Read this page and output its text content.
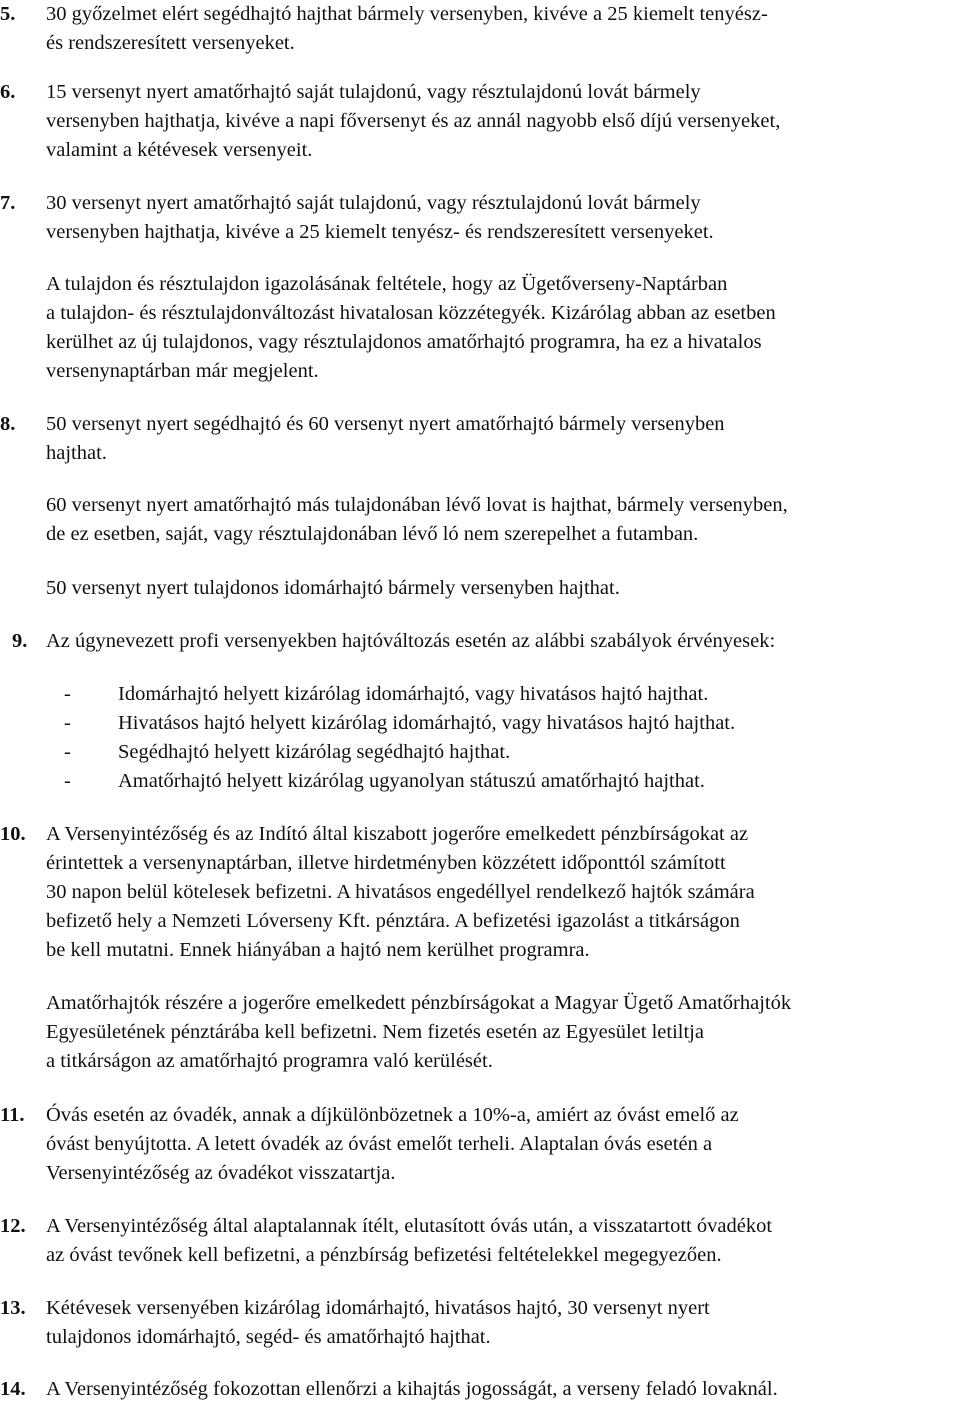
5. 30 győzelmet elért segédhajtó hajthat bármely versenyben, kivéve a 25 kiemelt tenyész-

és rendszeresített versenyeket.

6. 15 versenyt nyert amatőrhajtó saját tulajdonú, vagy résztulajdonú lovát bármely

versenyben hajthatja, kivéve a napi főversenyt és az annál nagyobb első díjú versenyeket,

valamint a kétévesek versenyeit.

7. 30 versenyt nyert amatőrhajtó saját tulajdonú, vagy résztulajdonú lovát bármely

versenyben hajthatja, kivéve a 25 kiemelt tenyész- és rendszeresített versenyeket.

A tulajdon és résztulajdon igazolásának feltétele, hogy az Ügetőverseny-Naptárban

a tulajdon- és résztulajdonváltozást hivatalosan közzétegyék. Kizárólag abban az esetben

kerülhet az új tulajdonos, vagy résztulajdonos amatőrhajtó programra, ha ez a hivatalos

versenynaptárban már megjelent.

8. 50 versenyt nyert segédhajtó és 60 versenyt nyert amatőrhajtó bármely versenyben

hajthat.

60 versenyt nyert amatőrhajtó más tulajdonában lévő lovat is hajthat, bármely versenyben,

de ez esetben, saját, vagy résztulajdonában lévő ló nem szerepelhet a futamban.

50 versenyt nyert tulajdonos idomárhajtó bármely versenyben hajthat.

9. Az úgynevezett profi versenyekben hajtóváltozás esetén az alábbi szabályok érvényesek:

- Idomárhajtó helyett kizárólag idomárhajtó, vagy hivatásos hajtó hajthat.

- Hivatásos hajtó helyett kizárólag idomárhajtó, vagy hivatásos hajtó hajthat.

- Segédhajtó helyett kizárólag segédhajtó hajthat.

- Amatőrhajtó helyett kizárólag ugyanolyan státuszú amatőrhajtó hajthat.

10. A Versenyintézőség és az Indító által kiszabott jogerőre emelkedett pénzbírságokat az

érintettek a versenynaptárban, illetve hirdetményben közzétett időponttól számított

30 napon belül kötelesek befizetni. A hivatásos engedéllyel rendelkező hajtók számára

befizető hely a Nemzeti Lóverseny Kft. pénztára. A befizetési igazolást a titkárságon

be kell mutatni. Ennek hiányában a hajtó nem kerülhet programra.

Amatőrhajtók részére a jogerőre emelkedett pénzbírságokat a Magyar Ügető Amatőrhajtók

Egyesületének pénztárába kell befizetni. Nem fizetés esetén az Egyesület letiltja

a titkárságon az amatőrhajtó programra való kerülését.

11. Óvás esetén az óvadék, annak a díjkülönbözetnek a 10%-a, amiért az óvást emelő az

óvást benyújtotta. A letett óvadék az óvást emelőt terheli. Alaptalan óvás esetén a

Versenyintézőség az óvadékot visszatartja.

12. A Versenyintézőség által alaptalannak ítélt, elutasított óvás után, a visszatartott óvadékot

az óvást tevőnek kell befizetni, a pénzbírság befizetési feltételekkel megegyezően.

13. Kétévesek versenyében kizárólag idomárhajtó, hivatásos hajtó, 30 versenyt nyert

tulajdonos idomárhajtó, segéd- és amatőrhajtó hajthat.

14. A Versenyintézőség fokozottan ellenőrzi a kihajtás jogosságát, a verseny feladó lovaknál.
